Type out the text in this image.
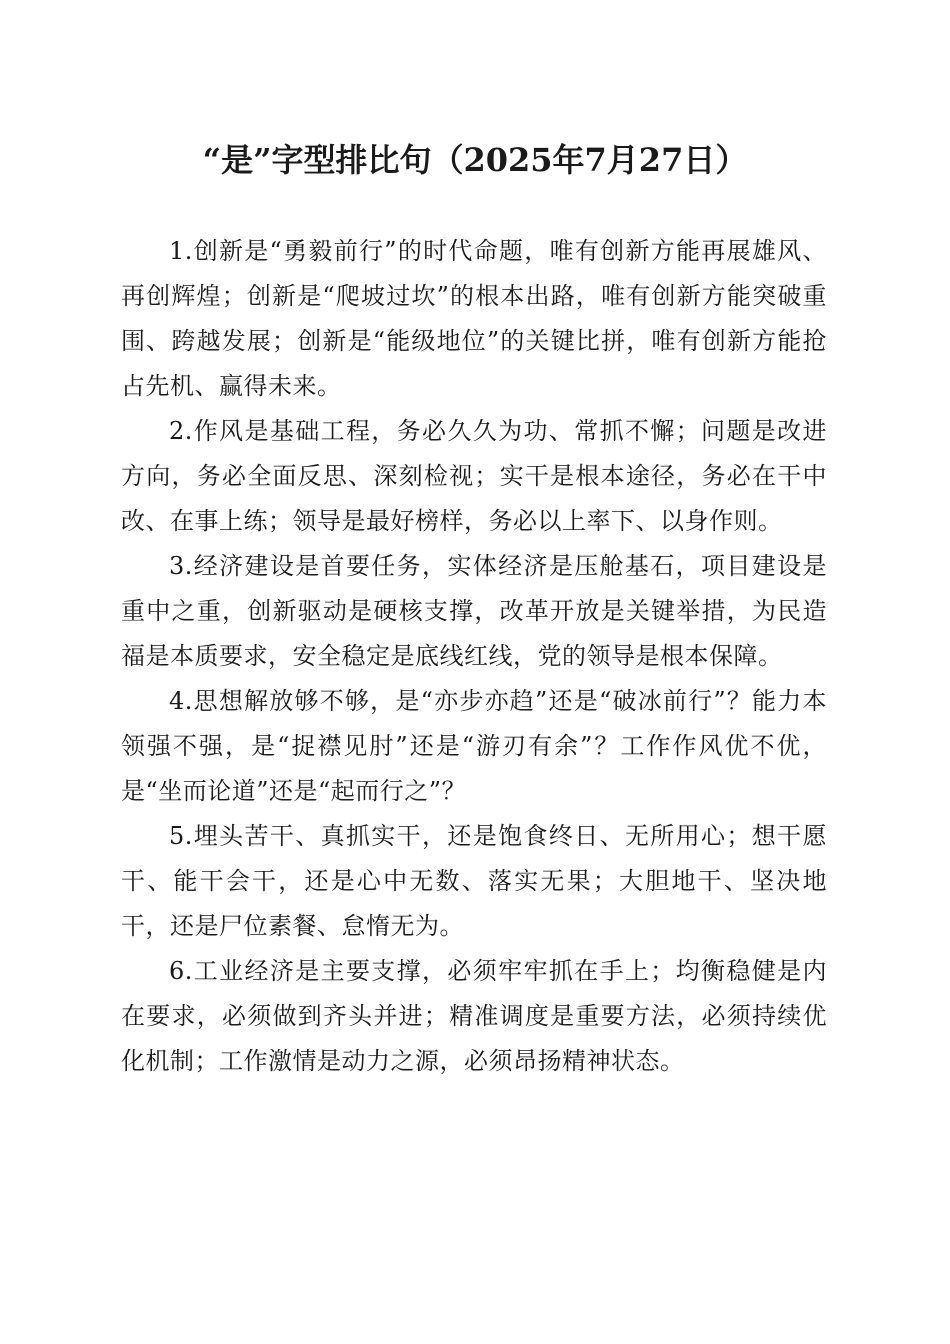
“是”字型排比句（2025年7月27日）

1.创新是“勇毅前行”的时代命题，唯有创新方能再展雄风、再创辉煌；创新是“爬坡过坎”的根本出路，唯有创新方能突破重围、跨越发展；创新是“能级地位”的关键比拼，唯有创新方能抢占先机、赢得未来。

2.作风是基础工程，务必久久为功、常抓不懈；问题是改进方向，务必全面反思、深刻检视；实干是根本途径，务必在干中改、在事上练；领导是最好榜样，务必以上率下、以身作则。

3.经济建设是首要任务，实体经济是压舱基石，项目建设是重中之重，创新驱动是硬核支撑，改革开放是关键举措，为民造福是本质要求，安全稳定是底线红线，党的领导是根本保障。

4.思想解放够不够，是“亦步亦趋”还是“破冰前行”？能力本领强不强，是“捉襟见肘”还是“游刃有余”？工作作风优不优，是“坐而论道”还是“起而行之”？

5.埋头苦干、真抓实干，还是饱食终日、无所用心；想干愿干、能干会干，还是心中无数、落实无果；大胆地干、坚决地干，还是尸位素餐、怠惰无为。

6.工业经济是主要支撑，必须牢牢抓在手上；均衡稳健是内在要求，必须做到齐头并进；精准调度是重要方法，必须持续优化机制；工作激情是动力之源，必须昂扬精神状态。
